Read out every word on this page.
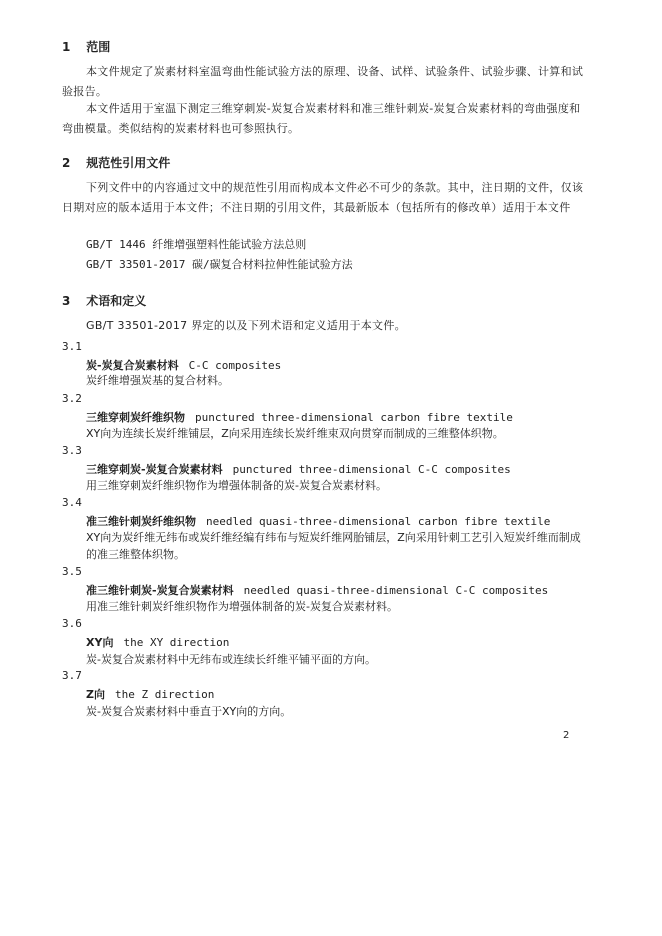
1 范围
本文件规定了炭素材料室温弯曲性能试验方法的原理、设备、试样、试验条件、试验步骤、计算和试验报告。
本文件适用于室温下测定三维穿刺炭-炭复合炭素材料和准三维针刺炭-炭复合炭素材料的弯曲强度和弯曲模量。类似结构的炭素材料也可参照执行。
2 规范性引用文件
下列文件中的内容通过文中的规范性引用而构成本文件必不可少的条款。其中，注日期的文件，仅该日期对应的版本适用于本文件；不注日期的引用文件，其最新版本（包括所有的修改单）适用于本文件
GB/T 1446 纤维增强塑料性能试验方法总则
GB/T 33501-2017 碳/碳复合材料拉伸性能试验方法
3 术语和定义
GB/T 33501-2017 界定的以及下列术语和定义适用于本文件。
3.1
炭-炭复合炭素材料 C-C composites
炭纤维增强炭基的复合材料。
3.2
三维穿刺炭纤维织物 punctured three-dimensional carbon fibre textile
XY向为连续长炭纤维铺层，Z向采用连续长炭纤维束双向贯穿而制成的三维整体织物。
3.3
三维穿刺炭-炭复合炭素材料 punctured three-dimensional C-C composites
用三维穿刺炭纤维织物作为增强体制备的炭-炭复合炭素材料。
3.4
准三维针刺炭纤维织物 needled quasi-three-dimensional carbon fibre textile
XY向为炭纤维无纬布或炭纤维经编有纬布与短炭纤维网胎铺层，Z向采用针刺工艺引入短炭纤维而制成的准三维整体织物。
3.5
准三维针刺炭-炭复合炭素材料 needled quasi-three-dimensional C-C composites
用准三维针刺炭纤维织物作为增强体制备的炭-炭复合炭素材料。
3.6
XY向 the XY direction
炭-炭复合炭素材料中无纬布或连续长纤维平铺平面的方向。
3.7
Z向 the Z direction
炭-炭复合炭素材料中垂直于XY向的方向。
2
